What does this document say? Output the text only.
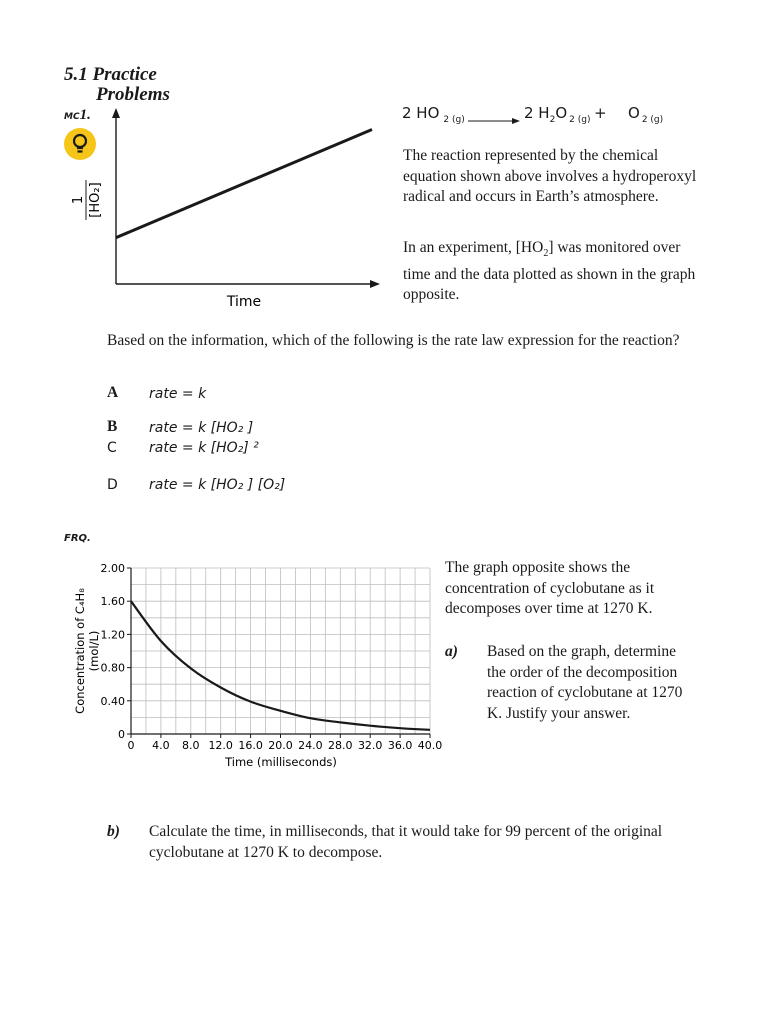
5.1 Practice
Problems
MC1.
Time
1 [HO₂]
2 HO $_{2 (g)}$ → 2 $H_2O$ $_{2 (g)}$ + O $_{2 (g)}$
The reaction represented by the chemical equation shown above involves a hydroperoxyl radical and occurs in Earth’s atmosphere.
In an experiment, $[HO_2]$ was monitored over time and the data plotted as shown in the graph opposite.
Based on the information, which of the following is the rate law expression for the reaction?
A rate = k
B rate = k [HO₂ ]
C rate = k [HO₂] ²
D rate = k [HO₂ ] [O₂]
FRQ.
0 4.0 8.0 12.0 16.0 20.0 24.0 28.0 32.0 36.0 40.0
0
0.40
0.80
1.20
1.60
2.00
Time (milliseconds)
Concentration of C₄H₈ (mol/L)
The graph opposite shows the concentration of cyclobutane as it decomposes over time at 1270 K.
a) Based on the graph, determine the order of the decomposition reaction of cyclobutane at 1270 K. Justify your answer.
b) Calculate the time, in milliseconds, that it would take for 99 percent of the original cyclobutane at 1270 K to decompose.
